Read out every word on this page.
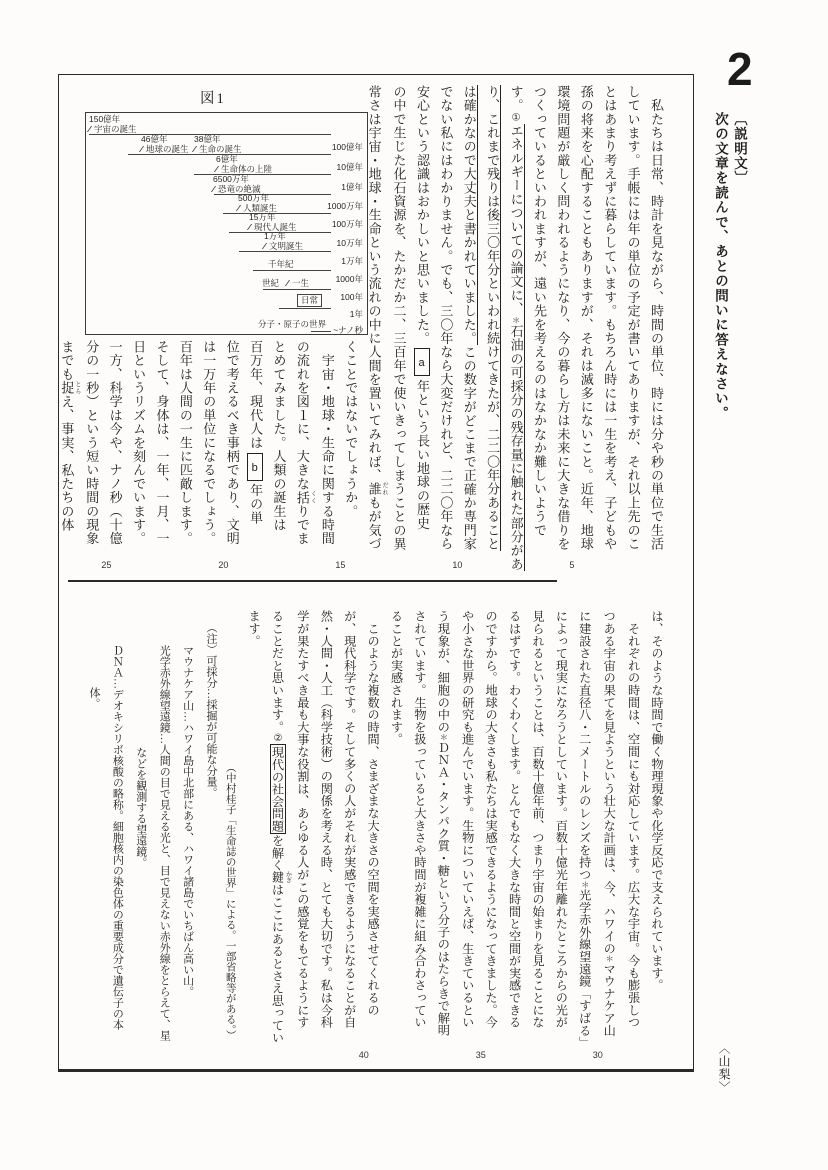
2
〔説明文〕
次の文章を読んで、あとの問いに答えなさい。
図1
150億年
宇宙の誕生
46億年
地球の誕生
38億年
生命の誕生
6億年
生命体の上陸
6500万年
恐竜の絶滅
500万年
人類誕生
15万年
現代人誕生
1万年
文明誕生
千年紀
世紀	一生
日常
分子・原子の世界
100億年
10億年
1億年
1000万年
100万年
10万年
1万年
1000年
100年
1年
~ナノ秒	　私たちは日常、時計を見ながら、時間の単位、時には分や秒の単位で生活
しています。手帳には年の単位の予定が書いてありますが、それ以上先のこ
とはあまり考えずに暮らしています。もちろん時には一生を考え、子どもや
孫の将来を心配することもありますが、それは滅多にないこと。近年、地球
環境問題が厳しく問われるようになり、今の暮らし方は未来に大きな借りを
つくっているといわれますが、遠い先を考えるのはなかなか難しいようで
す。①エネルギーについての論文に、＊石油の可採分の残存量に触れた部分があ
り、これまで残りは後三〇年分といわれ続けてきたが、二二〇年分あること
は確かなので大丈夫と書かれていました。この数字がどこまで正確か専門家
でない私にはわかりません。でも、三〇年なら大変だけれど、二二〇年なら
安心という認識はおかしいと思いました。a年という長い地球の歴史
の中で生じた化石資源を、たかだか二、三百年で使いきってしまうことの異
常さは宇宙・地球・生命という流れの中に人間を置いてみれば、誰 だれもが気づ
くことではないでしょうか。
　宇宙・地球・生命に関する時間
の流れを図１に、大きな括 くくりでま
とめてみました。人類の誕生は
百万年、現代人はb年の単
位で考えるべき事柄であり、文明
は一万年の単位になるでしょう。
百年は人間の一生に匹敵します。
そして、身体は、一年、一月、一
日というリズムを刻んでいます。
一方、科学は今や、ナノ秒（十億
分の一秒）という短い時間の現象
までも捉 とらえ、事実、私たちの体
は、そのような時間で働く物理現象や化学反応で支えられています。
　それぞれの時間は、空間にも対応しています。広大な宇宙。今も膨張しつ
つある宇宙の果てを見ようという壮大な計画は、今、ハワイの＊マウナケア山
に建設された直径八・二メートルのレンズを持つ＊光学赤外線望遠鏡「すばる」
によって現実になろうとしています。百数十億光年離れたところからの光が
見られるということは、百数十億年前、つまり宇宙の始まりを見ることにな
るはずです。わくわくします。とんでもなく大きな時間と空間が実感できる
のですから。地球の大きさも私たちは実感できるようになってきました。今
や小さな世界の研究も進んでいます。生物についていえば、生きているとい
う現象が、細胞の中の＊ＤＮＡ・タンパク質・糖という分子のはたらきで解明
されています。生物を扱っていると大きさや時間が複雑に組み合わさってい
ることが実感されます。
　このような複数の時間、さまざまな大きさの空間を実感させてくれるの
が、現代科学です。そして多くの人がそれが実感できるようになることが自
然・人間・人工（科学技術）の関係を考える時、とても大切です。私は今科
学が果たすべき最も大事な役割は、あらゆる人がこの感覚をもてるようにす
ることだと思います。②現代の社会問題を解く鍵 かぎはここにあるとさえ思ってい
ます。
（中村桂子「生命誌の世界」による。一部省略等がある。）
（注）可採分…採掘が可能な分量。
マウナケア山…ハワイ島中北部にある、ハワイ諸島でいちばん高い山。
光学赤外線望遠鏡…人間の目で見える光と、目で見えない赤外線をとらえて、星
などを観測する望遠鏡。
ＤＮＡ…デオキシリボ核酸の略称。細胞核内の染色体の重要成分で遺伝子の本
体。
5
10
15
20
25
30
35
40	〈山梨〉
